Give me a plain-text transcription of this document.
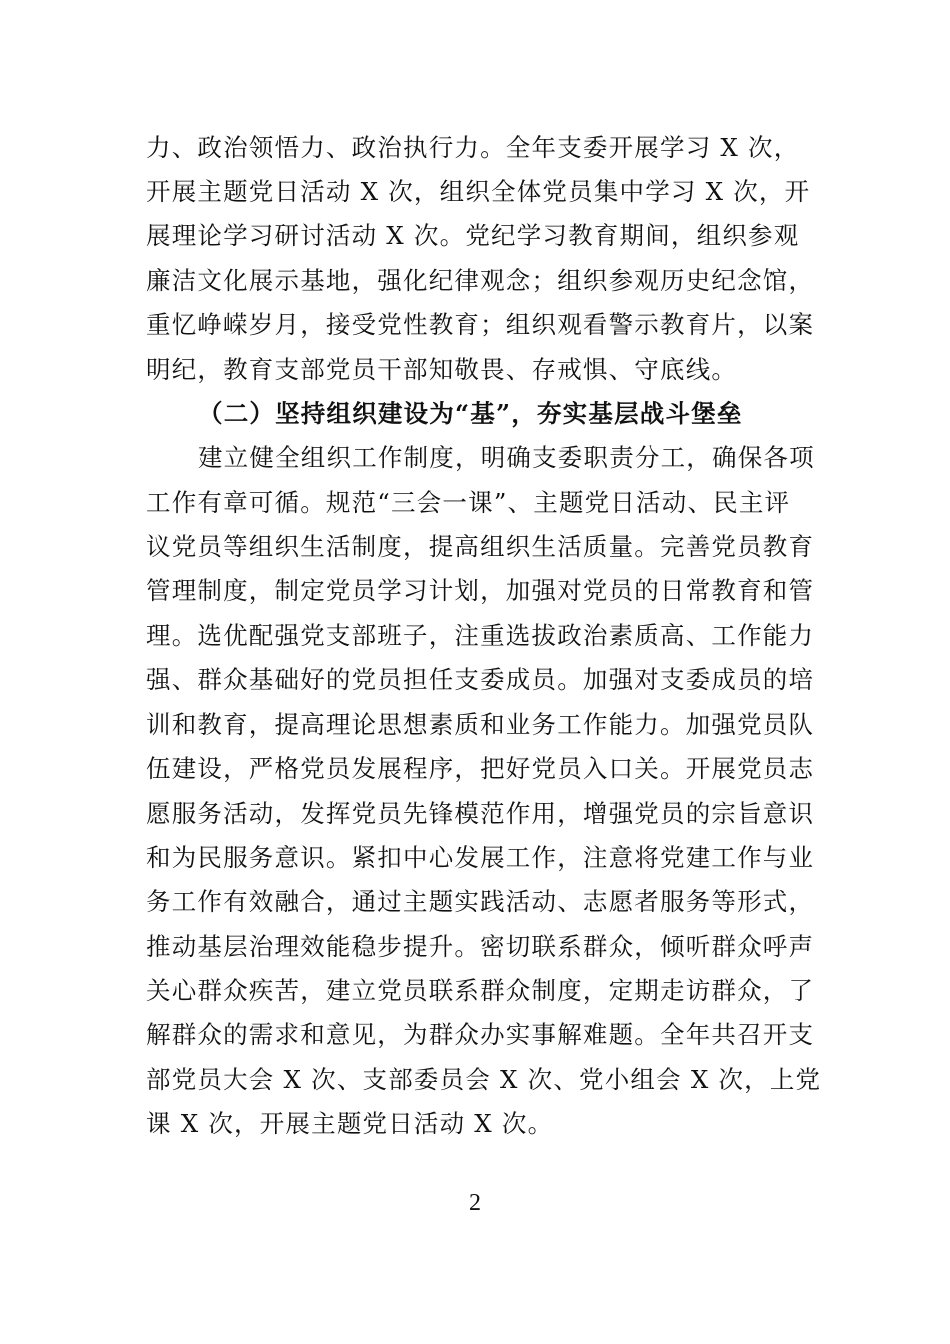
力、政治领悟力、政治执行力。全年支委开展学习 X 次，
开展主题党日活动 X 次，组织全体党员集中学习 X 次，开
展理论学习研讨活动 X 次。党纪学习教育期间，组织参观
廉洁文化展示基地，强化纪律观念；组织参观历史纪念馆，
重忆峥嵘岁月，接受党性教育；组织观看警示教育片，以案
明纪，教育支部党员干部知敬畏、存戒惧、守底线。
（二）坚持组织建设为“基”，夯实基层战斗堡垒
建立健全组织工作制度，明确支委职责分工，确保各项
工作有章可循。规范“三会一课”、主题党日活动、民主评
议党员等组织生活制度，提高组织生活质量。完善党员教育
管理制度，制定党员学习计划，加强对党员的日常教育和管
理。选优配强党支部班子，注重选拔政治素质高、工作能力
强、群众基础好的党员担任支委成员。加强对支委成员的培
训和教育，提高理论思想素质和业务工作能力。加强党员队
伍建设，严格党员发展程序，把好党员入口关。开展党员志
愿服务活动，发挥党员先锋模范作用，增强党员的宗旨意识
和为民服务意识。紧扣中心发展工作，注意将党建工作与业
务工作有效融合，通过主题实践活动、志愿者服务等形式，
推动基层治理效能稳步提升。密切联系群众，倾听群众呼声
关心群众疾苦，建立党员联系群众制度，定期走访群众，了
解群众的需求和意见，为群众办实事解难题。全年共召开支
部党员大会 X 次、支部委员会 X 次、党小组会 X 次，上党
课 X 次，开展主题党日活动 X 次。
2
